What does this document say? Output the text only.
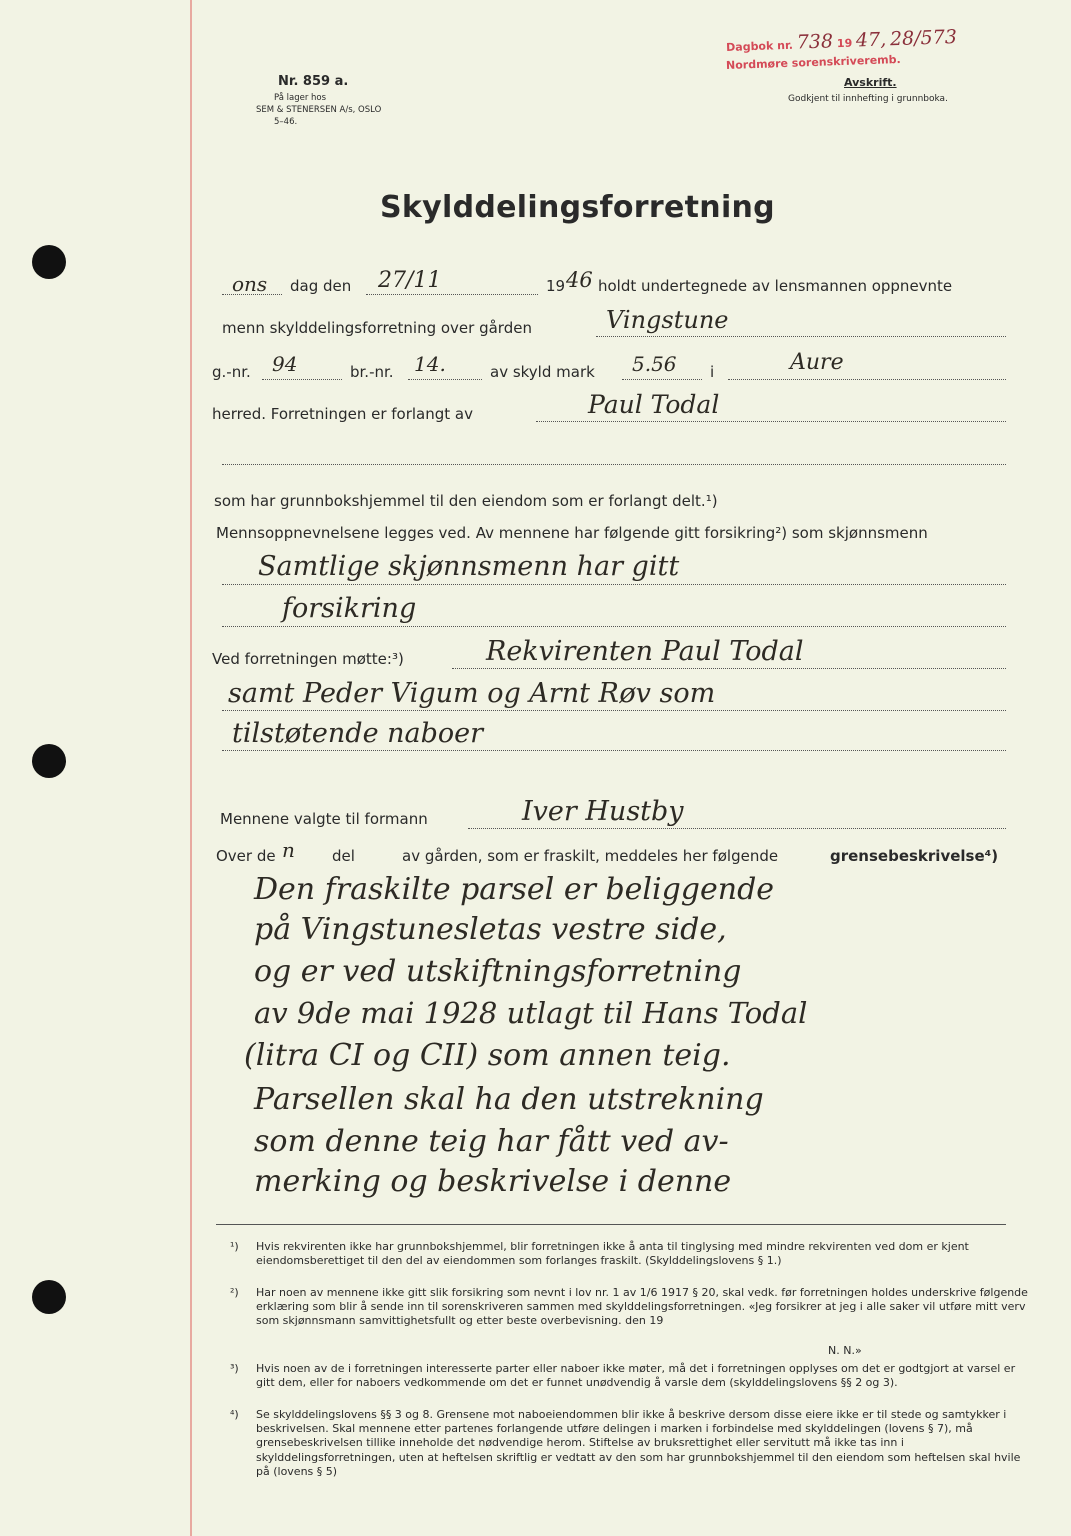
Nr. 859 a.
På lager hos
SEM & STENERSEN A/s, OSLO
5–46.
Dagbok nr. 738 19 47, 28/573
Nordmøre sorenskriveremb.
Avskrift.
Godkjent til innhefting i grunnboka.
Skylddelingsforretning
ons dag den 27/11	19 46 holdt undertegnede av lensmannen oppnevnte
menn skylddelingsforretning over gården	Vingstune
g.-nr. 94	br.-nr. 14.	av skyld mark 5.56 i	Aure
herred. Forretningen er forlangt av	Paul Todal
som har grunnbokshjemmel til den eiendom som er forlangt delt.¹)
Mennsoppnevnelsene legges ved. Av mennene har følgende gitt forsikring²) som skjønnsmenn
Samtlige skjønnsmenn har gitt
forsikring
Ved forretningen møtte:³)	Rekvirenten Paul Todal
samt Peder Vigum og Arnt Røv som
tilstøtende naboer
Mennene valgte til formann	Iver Hustby
Over de n del	av gården, som er fraskilt, meddeles her følgende	grensebeskrivelse⁴)
Den fraskilte parsel er beliggende
på Vingstunesletas vestre side,
og er ved utskiftningsforretning
av 9de mai 1928 utlagt til Hans Todal
(litra CI og CII) som annen teig.
Parsellen skal ha den utstrekning
som denne teig har fått ved av-
merking og beskrivelse i denne
¹) Hvis rekvirenten ikke har grunnbokshjemmel, blir forretningen ikke å anta til tinglysing med mindre rekvirenten ved dom er kjent eiendomsberettiget til den del av eiendommen som forlanges fraskilt. (Skylddelingslovens § 1.)
²) Har noen av mennene ikke gitt slik forsikring som nevnt i lov nr. 1 av 1/6 1917 § 20, skal vedk. før forretningen holdes underskrive følgende erklæring som blir å sende inn til sorenskriveren sammen med skylddelingsforretningen. «Jeg forsikrer at jeg i alle saker vil utføre mitt verv som skjønnsmann samvittighetsfullt og etter beste overbevisning. den 19
N. N.»
³) Hvis noen av de i forretningen interesserte parter eller naboer ikke møter, må det i forretningen opplyses om det er godtgjort at varsel er gitt dem, eller for naboers vedkommende om det er funnet unødvendig å varsle dem (skylddelingslovens §§ 2 og 3).
⁴) Se skylddelingslovens §§ 3 og 8. Grensene mot naboeiendommen blir ikke å beskrive dersom disse eiere ikke er til stede og samtykker i beskrivelsen. Skal mennene etter partenes forlangende utføre delingen i marken i forbindelse med skylddelingen (lovens § 7), må grensebeskrivelsen tillike inneholde det nødvendige herom. Stiftelse av bruksrettighet eller servitutt må ikke tas inn i skylddelingsforretningen, uten at heftelsen skriftlig er vedtatt av den som har grunnbokshjemmel til den eiendom som heftelsen skal hvile på (lovens § 5)
